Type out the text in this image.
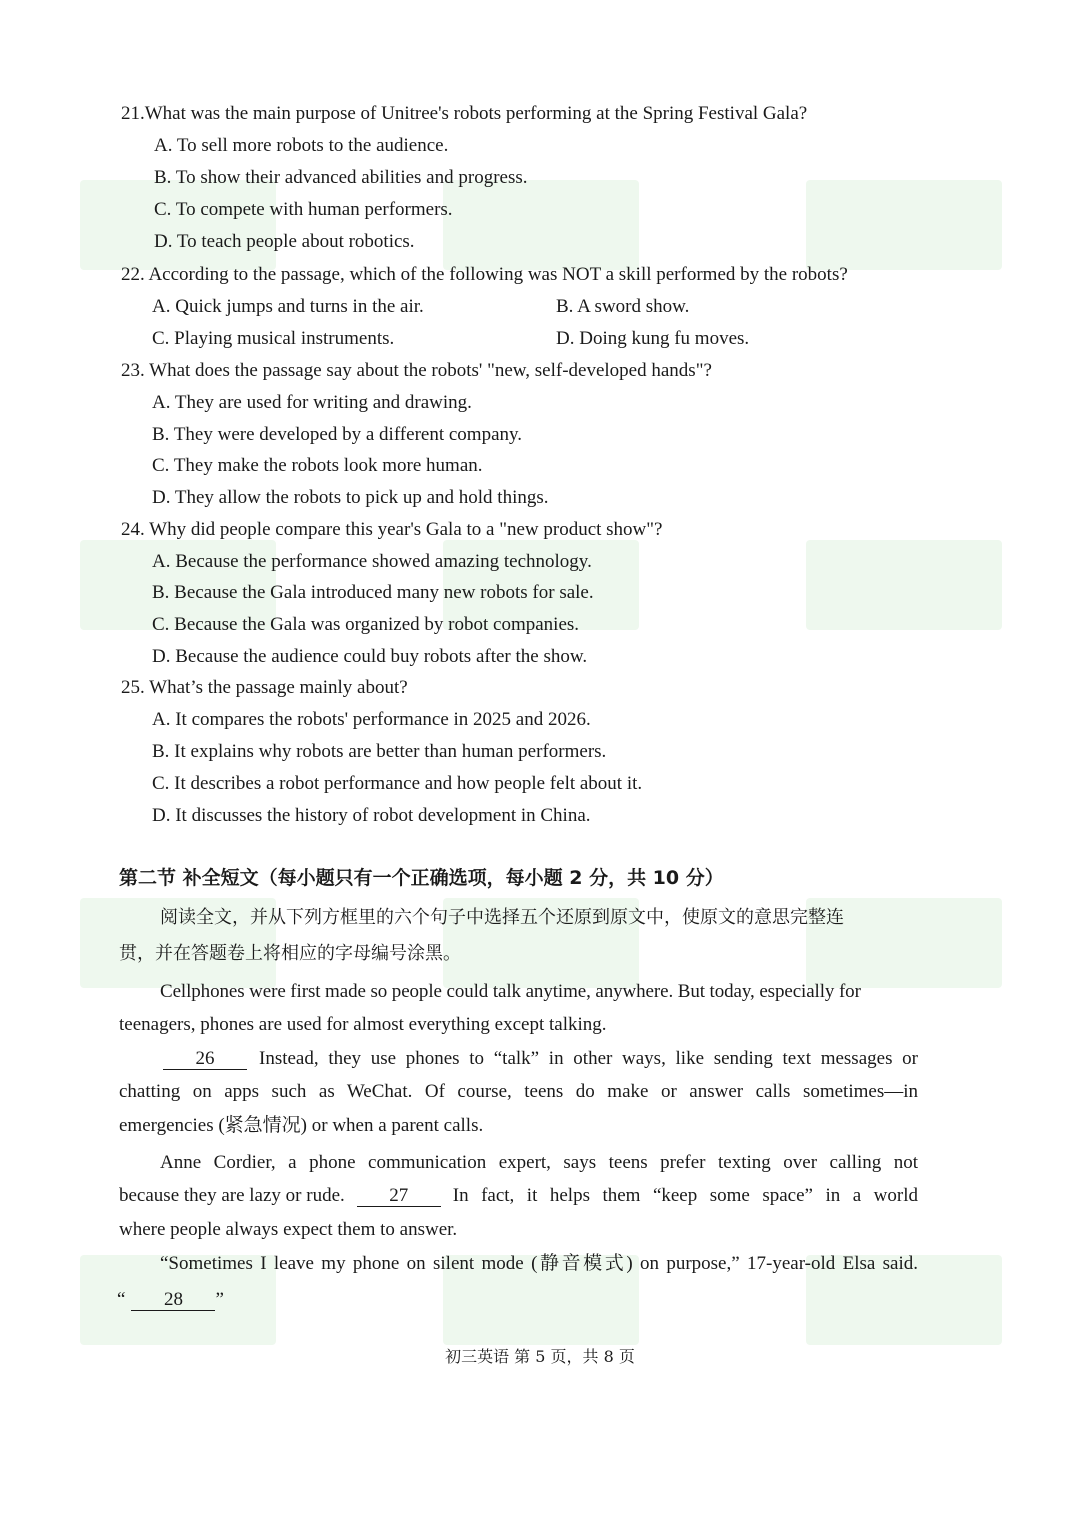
21.What was the main purpose of Unitree's robots performing at the Spring Festival Gala?
A. To sell more robots to the audience.
B. To show their advanced abilities and progress.
C. To compete with human performers.
D. To teach people about robotics.
22. According to the passage, which of the following was NOT a skill performed by the robots?
A. Quick jumps and turns in the air.	B. A sword show.
C. Playing musical instruments.	D. Doing kung fu moves.
23. What does the passage say about the robots' "new, self-developed hands"?
A. They are used for writing and drawing.
B. They were developed by a different company.
C. They make the robots look more human.
D. They allow the robots to pick up and hold things.
24. Why did people compare this year's Gala to a "new product show"?
A. Because the performance showed amazing technology.
B. Because the Gala introduced many new robots for sale.
C. Because the Gala was organized by robot companies.
D. Because the audience could buy robots after the show.
25. What’s the passage mainly about?
A. It compares the robots' performance in 2025 and 2026.
B. It explains why robots are better than human performers.
C. It describes a robot performance and how people felt about it.
D. It discusses the history of robot development in China.
第二节 补全短文（每小题只有一个正确选项，每小题 2 分，共 10 分）
阅读全文，并从下列方框里的六个句子中选择五个还原到原文中，使原文的意思完整连
贯，并在答题卷上将相应的字母编号涂黑。
Cellphones were first made so people could talk anytime, anywhere. But today, especially for
teenagers, phones are used for almost everything except talking.
26	Instead, they use phones to “talk” in other ways, like sending text messages or
chatting on apps such as WeChat. Of course, teens do make or answer calls sometimes—in
emergencies (紧急情况) or when a parent calls.
Anne Cordier, a phone communication expert, says teens prefer texting over calling not
because they are lazy or rude.	27	In fact, it helps them “keep some space” in a world
where people always expect them to answer.
“Sometimes I leave my phone on silent mode (静音模式) on purpose,” 17-year-old Elsa said.
“ 28 ”
初三英语 第 5 页，共 8 页
